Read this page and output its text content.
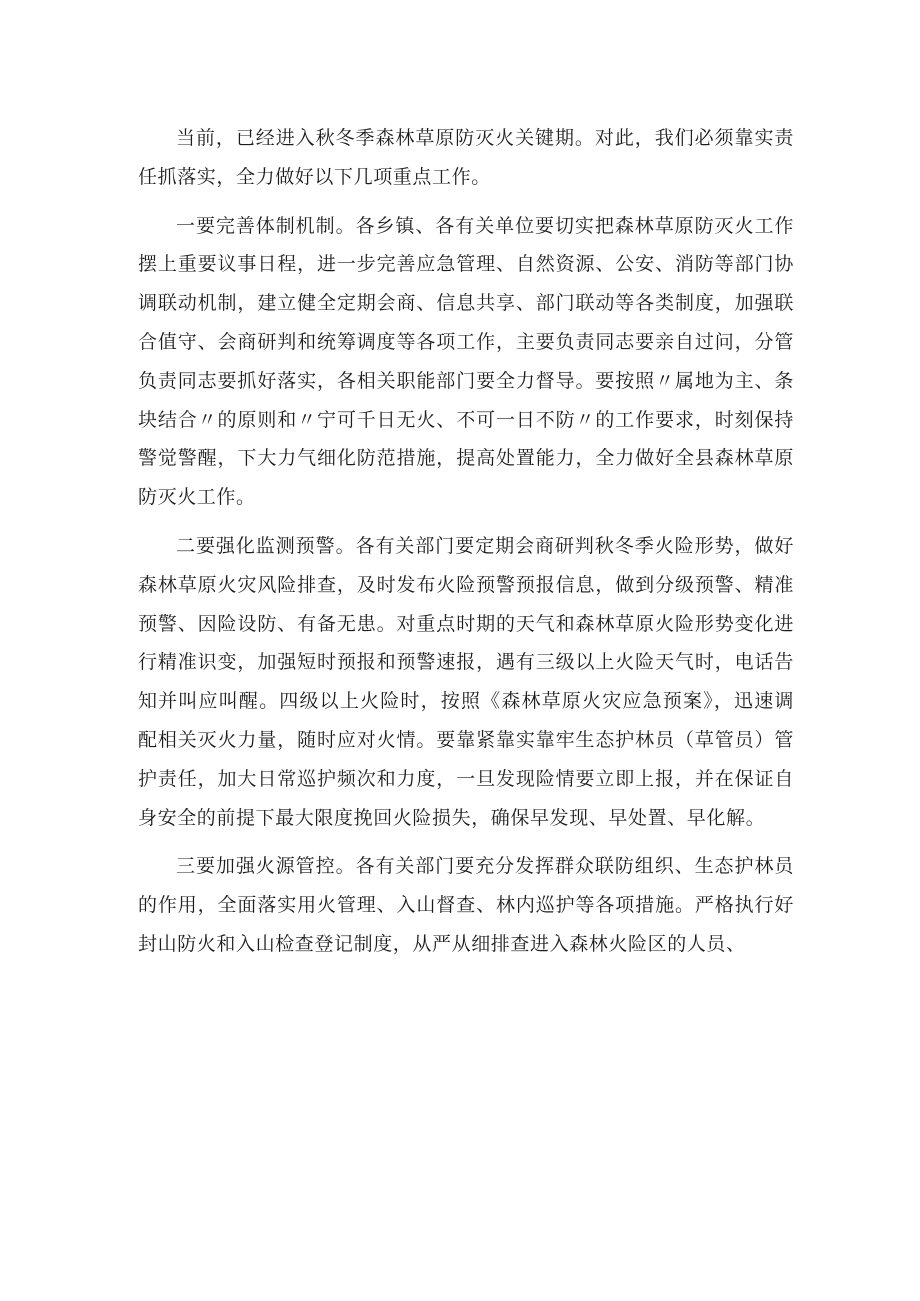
当前，已经进入秋冬季森林草原防灭火关键期。对此，我们必须靠实责任抓落实，全力做好以下几项重点工作。

一要完善体制机制。各乡镇、各有关单位要切实把森林草原防灭火工作摆上重要议事日程，进一步完善应急管理、自然资源、公安、消防等部门协调联动机制，建立健全定期会商、信息共享、部门联动等各类制度，加强联合值守、会商研判和统筹调度等各项工作，主要负责同志要亲自过问，分管负责同志要抓好落实，各相关职能部门要全力督导。要按照〃属地为主、条块结合〃的原则和〃宁可千日无火、不可一日不防〃的工作要求，时刻保持警觉警醒，下大力气细化防范措施，提高处置能力，全力做好全县森林草原防灭火工作。

二要强化监测预警。各有关部门要定期会商研判秋冬季火险形势，做好森林草原火灾风险排查，及时发布火险预警预报信息，做到分级预警、精准预警、因险设防、有备无患。对重点时期的天气和森林草原火险形势变化进行精准识变，加强短时预报和预警速报，遇有三级以上火险天气时，电话告知并叫应叫醒。四级以上火险时，按照《森林草原火灾应急预案》，迅速调配相关灭火力量，随时应对火情。要靠紧靠实靠牢生态护林员（草管员）管护责任，加大日常巡护频次和力度，一旦发现险情要立即上报，并在保证自身安全的前提下最大限度挽回火险损失，确保早发现、早处置、早化解。

三要加强火源管控。各有关部门要充分发挥群众联防组织、生态护林员的作用，全面落实用火管理、入山督查、林内巡护等各项措施。严格执行好封山防火和入山检查登记制度，从严从细排查进入森林火险区的人员、
